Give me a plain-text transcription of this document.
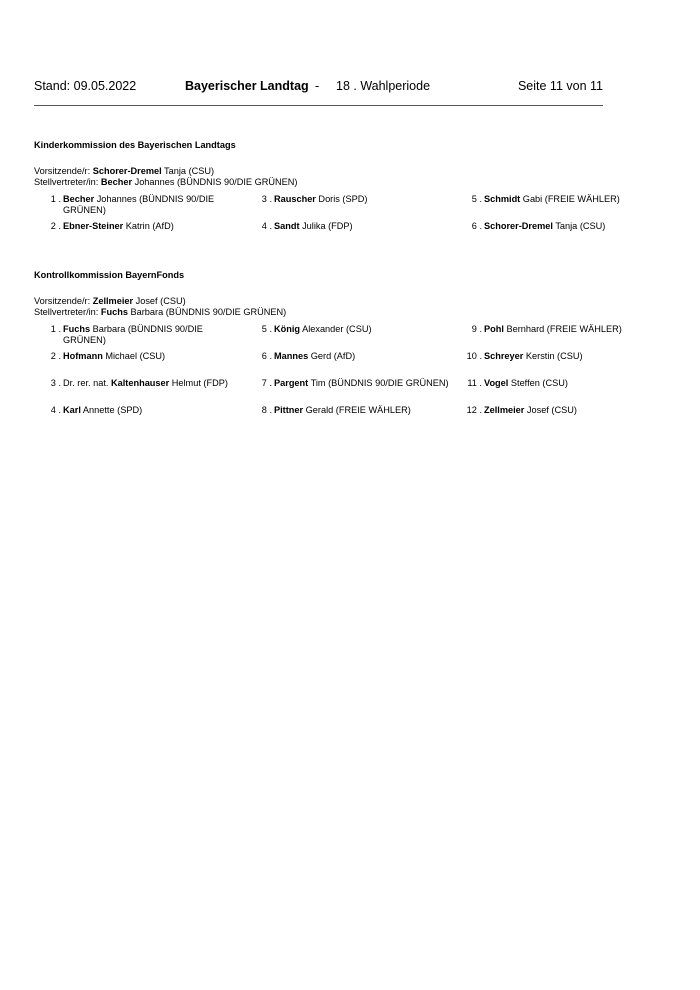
Stand: 09.05.2022	Bayerischer Landtag - 18 . Wahlperiode	Seite 11 von 11
Kinderkommission des Bayerischen Landtags
Vorsitzende/r: Schorer-Dremel Tanja (CSU)
Stellvertreter/in: Becher Johannes (BÜNDNIS 90/DIE GRÜNEN)
1 . Becher Johannes (BÜNDNIS 90/DIE GRÜNEN)
2 . Ebner-Steiner Katrin (AfD)
3 . Rauscher Doris (SPD)
4 . Sandt Julika (FDP)
5 . Schmidt Gabi (FREIE WÄHLER)
6 . Schorer-Dremel Tanja (CSU)
Kontrollkommission BayernFonds
Vorsitzende/r: Zellmeier Josef (CSU)
Stellvertreter/in: Fuchs Barbara (BÜNDNIS 90/DIE GRÜNEN)
1 . Fuchs Barbara (BÜNDNIS 90/DIE GRÜNEN)
2 . Hofmann Michael (CSU)
3 . Dr. rer. nat. Kaltenhauser Helmut (FDP)
4 . Karl Annette (SPD)
5 . König Alexander (CSU)
6 . Mannes Gerd (AfD)
7 . Pargent Tim (BÜNDNIS 90/DIE GRÜNEN)
8 . Pittner Gerald (FREIE WÄHLER)
9 . Pohl Bernhard (FREIE WÄHLER)
10 . Schreyer Kerstin (CSU)
11 . Vogel Steffen (CSU)
12 . Zellmeier Josef (CSU)
